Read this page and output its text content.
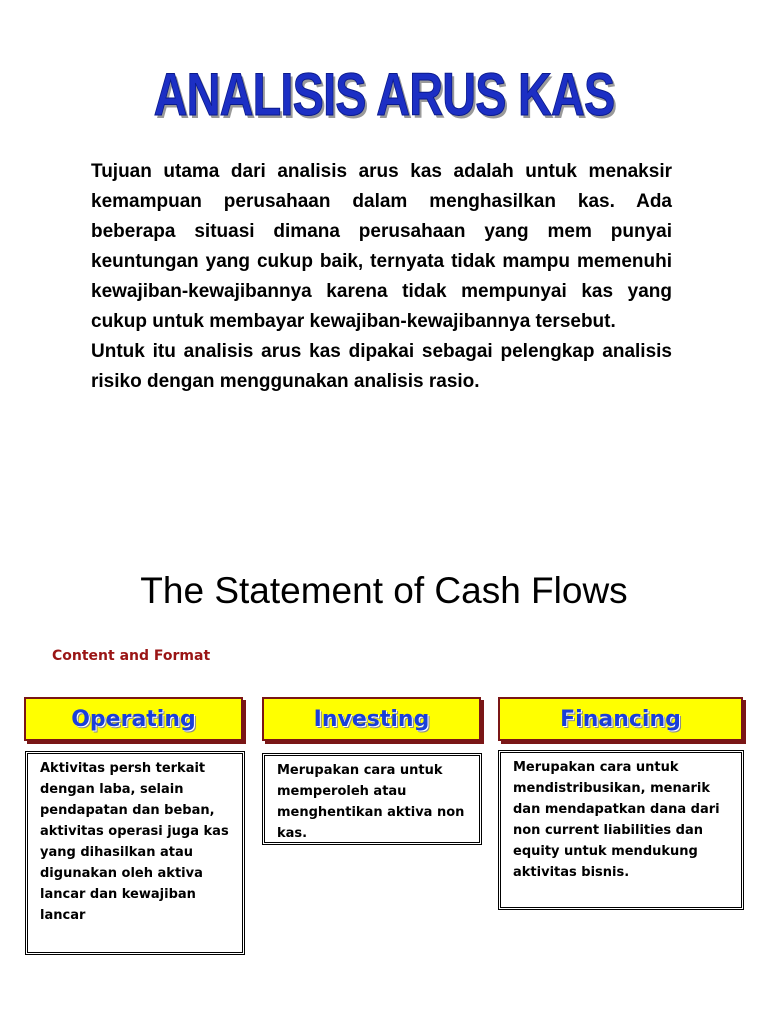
ANALISIS ARUS KAS

Tujuan utama dari analisis arus kas adalah untuk menaksir kemampuan perusahaan dalam menghasilkan kas. Ada beberapa situasi dimana perusahaan yang mem punyai keuntungan yang cukup baik, ternyata tidak mampu memenuhi kewajiban-kewajibannya karena tidak mempunyai kas yang cukup untuk membayar kewajiban-kewajibannya tersebut.

Untuk itu analisis arus kas dipakai sebagai pelengkap analisis risiko dengan menggunakan analisis rasio.

The Statement of Cash Flows
Content and Format
Operating	Investing	Financing
Aktivitas persh terkait dengan laba, selain pendapatan dan beban, aktivitas operasi juga kas yang dihasilkan atau digunakan oleh aktiva lancar dan kewajiban lancar
Merupakan cara untuk memperoleh atau menghentikan aktiva non kas.
Merupakan cara untuk mendistribusikan, menarik dan mendapatkan dana dari non current liabilities dan equity untuk mendukung aktivitas bisnis.
